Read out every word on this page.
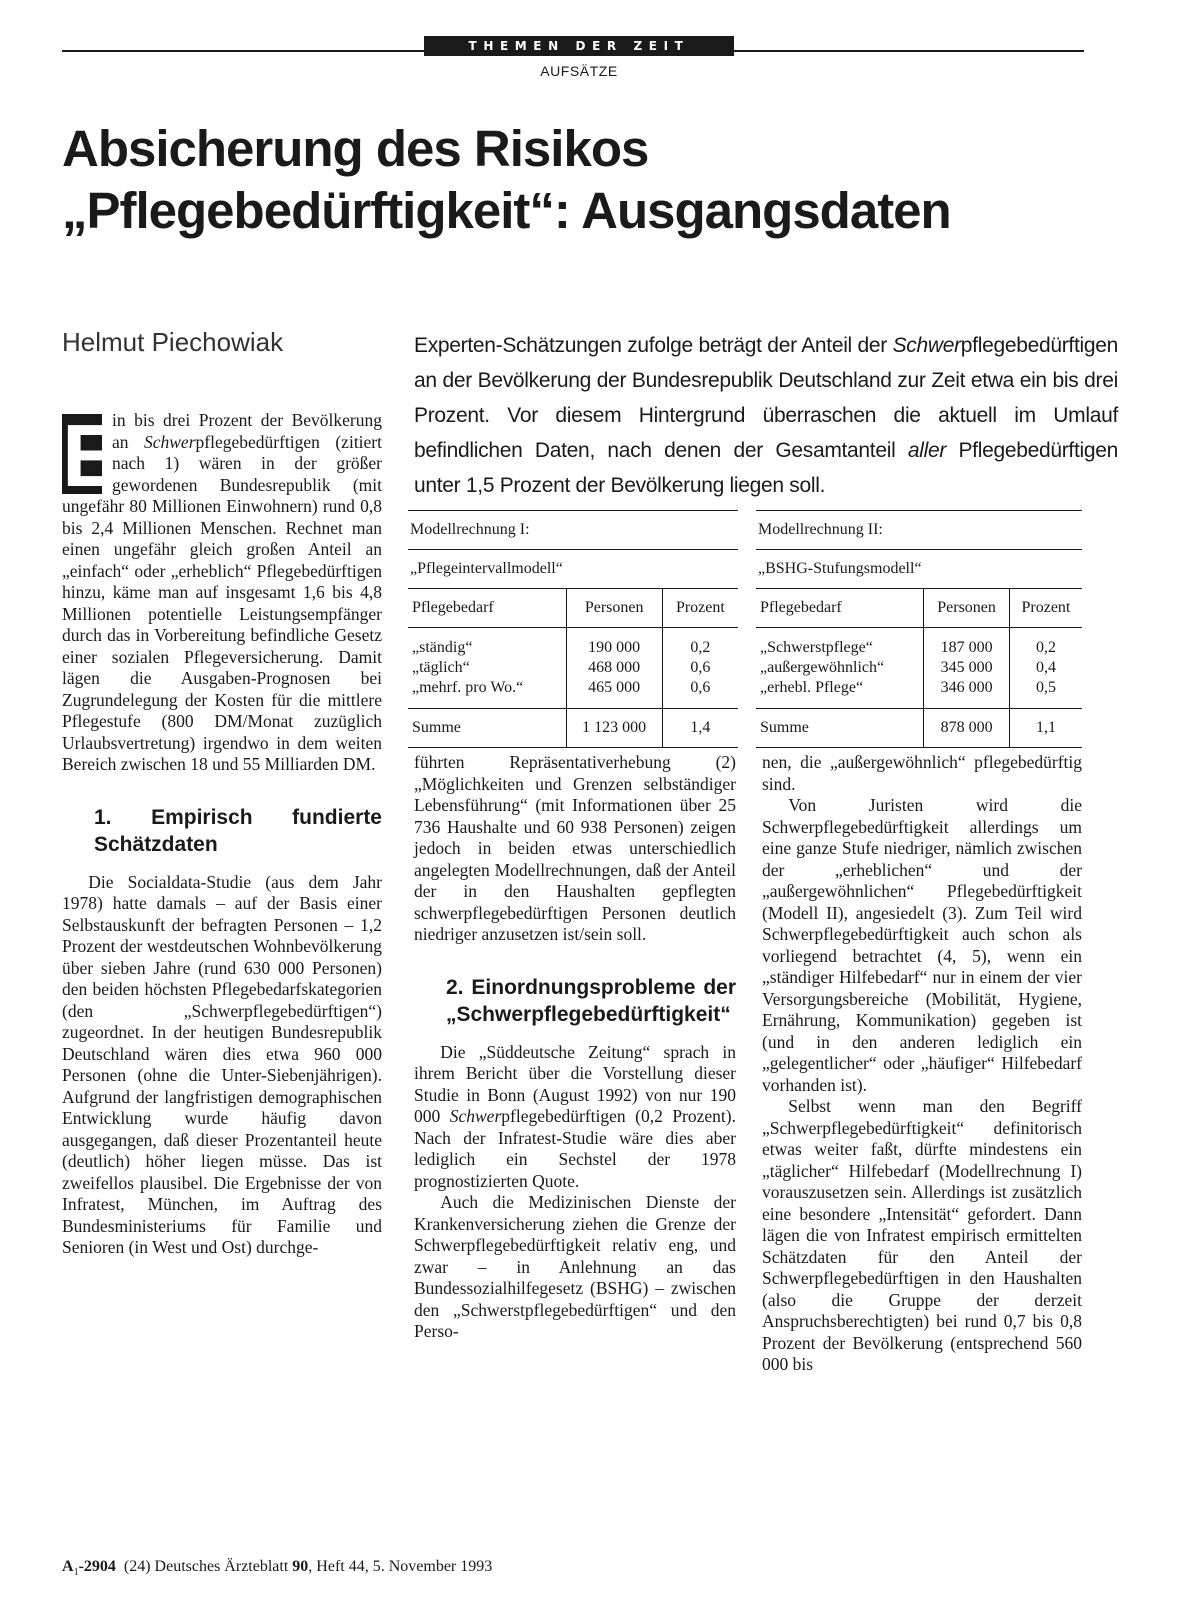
THEMEN DER ZEIT
AUFSÄTZE
Absicherung des Risikos
„Pflegebedürftigkeit“: Ausgangsdaten
Helmut Piechowiak	Experten-Schätzungen zufolge beträgt der Anteil der Schwerpflegebedürftigen an der Bevölkerung der Bundesrepublik Deutschland zur Zeit etwa ein bis drei Prozent. Vor diesem Hintergrund überraschen die aktuell im Umlauf befindlichen Daten, nach denen der Gesamtanteil aller Pflegebedürftigen unter 1,5 Prozent der Bevölkerung liegen soll.

Modellrechnung I:
„Pflegeintervallmodell“
Pflegebedarf	Personen	Prozent
„ständig“	190 000	0,2
„täglich“	468 000	0,6
„mehrf. pro Wo.“	465 000	0,6
Summe	1 123 000	1,4
Modellrechnung II:
„BSHG-Stufungsmodell“
Pflegebedarf	Personen	Prozent
„Schwerstpflege“	187 000	0,2
„außergewöhnlich“	345 000	0,4
„erhebl. Pflege“	346 000	0,5
Summe	878 000	1,1

E
in bis drei Prozent der Bevölkerung an Schwerpflegebedürftigen (zitiert nach 1) wären in der größer gewordenen Bundesrepublik (mit ungefähr 80 Millionen Einwohnern) rund 0,8 bis 2,4 Millionen Menschen. Rechnet man einen ungefähr gleich großen Anteil an „einfach“ oder „erheblich“ Pflegebedürftigen hinzu, käme man auf insgesamt 1,6 bis 4,8 Millionen potentielle Leistungsempfänger durch das in Vorbereitung befindliche Gesetz einer sozialen Pflegeversicherung. Damit lägen die Ausgaben-Prognosen bei Zugrundelegung der Kosten für die mittlere Pflegestufe (800 DM/Monat zuzüglich Urlaubsvertretung) irgendwo in dem weiten Bereich zwischen 18 und 55 Milliarden DM.

1. Empirisch fundierte Schätzdaten

Die Socialdata-Studie (aus dem Jahr 1978) hatte damals – auf der Basis einer Selbstauskunft der befragten Personen – 1,2 Prozent der westdeutschen Wohnbevölkerung über sieben Jahre (rund 630 000 Personen) den beiden höchsten Pflegebedarfskategorien (den „Schwerpflegebedürftigen“) zugeordnet. In der heutigen Bundesrepublik Deutschland wären dies etwa 960 000 Personen (ohne die Unter-Siebenjährigen). Aufgrund der langfristigen demographischen Entwicklung wurde häufig davon ausgegangen, daß dieser Prozentanteil heute (deutlich) höher liegen müsse. Das ist zweifellos plausibel. Die Ergebnisse der von Infratest, München, im Auftrag des Bundesministeriums für Familie und Senioren (in West und Ost) durchge-

führten Repräsentativerhebung (2) „Möglichkeiten und Grenzen selbständiger Lebensführung“ (mit Informationen über 25 736 Haushalte und 60 938 Personen) zeigen jedoch in beiden etwas unterschiedlich angelegten Modellrechnungen, daß der Anteil der in den Haushalten gepflegten schwerpflegebedürftigen Personen deutlich niedriger anzusetzen ist/sein soll.

2. Einordnungsprobleme der „Schwerpflegebedürftigkeit“

Die „Süddeutsche Zeitung“ sprach in ihrem Bericht über die Vorstellung dieser Studie in Bonn (August 1992) von nur 190 000 Schwerpflegebedürftigen (0,2 Prozent). Nach der Infratest-Studie wäre dies aber lediglich ein Sechstel der 1978 prognostizierten Quote.

Auch die Medizinischen Dienste der Krankenversicherung ziehen die Grenze der Schwerpflegebedürftigkeit relativ eng, und zwar – in Anlehnung an das Bundessozialhilfegesetz (BSHG) – zwischen den „Schwerstpflegebedürftigen“ und den Perso-

nen, die „außergewöhnlich“ pflegebedürftig sind.

Von Juristen wird die Schwerpflegebedürftigkeit allerdings um eine ganze Stufe niedriger, nämlich zwischen der „erheblichen“ und der „außergewöhnlichen“ Pflegebedürftigkeit (Modell II), angesiedelt (3). Zum Teil wird Schwerpflegebedürftigkeit auch schon als vorliegend betrachtet (4, 5), wenn ein „ständiger Hilfebedarf“ nur in einem der vier Versorgungsbereiche (Mobilität, Hygiene, Ernährung, Kommunikation) gegeben ist (und in den anderen lediglich ein „gelegentlicher“ oder „häufiger“ Hilfebedarf vorhanden ist).

Selbst wenn man den Begriff „Schwerpflegebedürftigkeit“ definitorisch etwas weiter faßt, dürfte mindestens ein „täglicher“ Hilfebedarf (Modellrechnung I) vorauszusetzen sein. Allerdings ist zusätzlich eine besondere „Intensität“ gefordert. Dann lägen die von Infratest empirisch ermittelten Schätzdaten für den Anteil der Schwerpflegebedürftigen in den Haushalten (also die Gruppe der derzeit Anspruchsberechtigten) bei rund 0,7 bis 0,8 Prozent der Bevölkerung (entsprechend 560 000 bis

$A_1-2904$ (24) Deutsches Ärzteblatt 90, Heft 44, 5. November 1993
